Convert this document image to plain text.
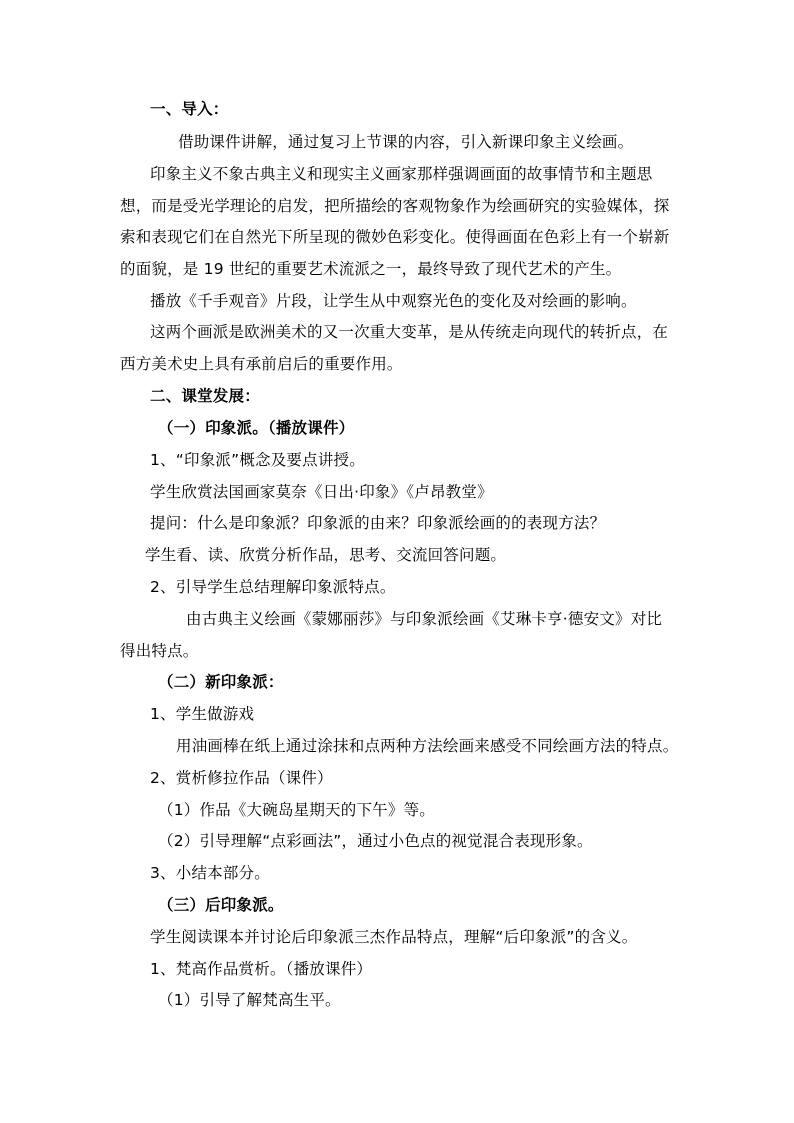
一、导入：
借助课件讲解，通过复习上节课的内容，引入新课印象主义绘画。
印象主义不象古典主义和现实主义画家那样强调画面的故事情节和主题思
想，而是受光学理论的启发，把所描绘的客观物象作为绘画研究的实验媒体，探
索和表现它们在自然光下所呈现的微妙色彩变化。使得画面在色彩上有一个崭新
的面貌，是 19 世纪的重要艺术流派之一，最终导致了现代艺术的产生。
播放《千手观音》片段，让学生从中观察光色的变化及对绘画的影响。
这两个画派是欧洲美术的又一次重大变革，是从传统走向现代的转折点，在
西方美术史上具有承前启后的重要作用。
二、课堂发展：
（一）印象派。（播放课件）
1、“印象派”概念及要点讲授。
学生欣赏法国画家莫奈《日出·印象》《卢昂教堂》
提问：什么是印象派？印象派的由来？印象派绘画的的表现方法？
学生看、读、欣赏分析作品，思考、交流回答问题。
2、引导学生总结理解印象派特点。
由古典主义绘画《蒙娜丽莎》与印象派绘画《艾琳卡亨·德安文》对比
得出特点。
（二）新印象派：
1、学生做游戏
用油画棒在纸上通过涂抹和点两种方法绘画来感受不同绘画方法的特点。
2、赏析修拉作品（课件）
（1）作品《大碗岛星期天的下午》等。
（2）引导理解“点彩画法”，通过小色点的视觉混合表现形象。
3、小结本部分。
（三）后印象派。
学生阅读课本并讨论后印象派三杰作品特点，理解“后印象派”的含义。
1、梵高作品赏析。（播放课件）
（1）引导了解梵高生平。
